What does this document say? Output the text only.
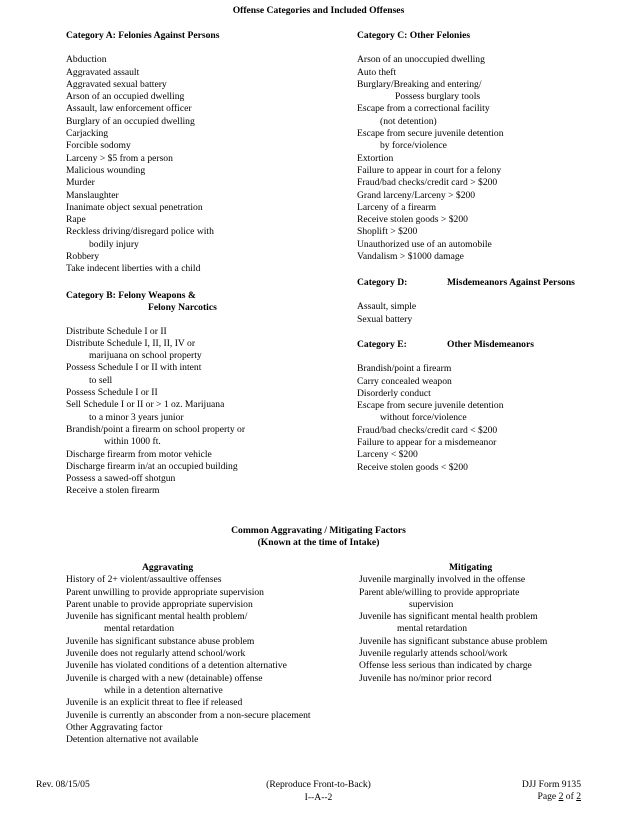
Offense Categories and Included Offenses
Category A: Felonies Against Persons
Abduction
Aggravated assault
Aggravated sexual battery
Arson of an occupied dwelling
Assault, law enforcement officer
Burglary of an occupied dwelling
Carjacking
Forcible sodomy
Larceny > $5 from a person
Malicious wounding
Murder
Manslaughter
Inanimate object sexual penetration
Rape
Reckless driving/disregard police with
bodily injury
Robbery
Take indecent liberties with a child
Category B: Felony Weapons &
Felony Narcotics
Distribute Schedule I or II
Distribute Schedule I, II, II, IV or
marijuana on school property
Possess Schedule I or II with intent
to sell
Possess Schedule I or II
Sell Schedule I or II or > 1 oz. Marijuana
to a minor 3 years junior
Brandish/point a firearm on school property or
within 1000 ft.
Discharge firearm from motor vehicle
Discharge firearm in/at an occupied building
Possess a sawed-off shotgun
Receive a stolen firearm
Category C: Other Felonies
Arson of an unoccupied dwelling
Auto theft
Burglary/Breaking and entering/
Possess burglary tools
Escape from a correctional facility
(not detention)
Escape from secure juvenile detention
by force/violence
Extortion
Failure to appear in court for a felony
Fraud/bad checks/credit card > $200
Grand larceny/Larceny > $200
Larceny of a firearm
Receive stolen goods > $200
Shoplift > $200
Unauthorized use of an automobile
Vandalism > $1000 damage
Category D:	Misdemeanors Against Persons
Assault, simple
Sexual battery
Category E:	Other Misdemeanors
Brandish/point a firearm
Carry concealed weapon
Disorderly conduct
Escape from secure juvenile detention
without force/violence
Fraud/bad checks/credit card < $200
Failure to appear for a misdemeanor
Larceny < $200
Receive stolen goods < $200
Common Aggravating / Mitigating Factors
(Known at the time of Intake)
Aggravating
History of 2+ violent/assaultive offenses
Parent unwilling to provide appropriate supervision
Parent unable to provide appropriate supervision
Juvenile has significant mental health problem/
mental retardation
Juvenile has significant substance abuse problem
Juvenile does not regularly attend school/work
Juvenile has violated conditions of a detention alternative
Juvenile is charged with a new (detainable) offense
while in a detention alternative
Juvenile is an explicit threat to flee if released
Juvenile is currently an absconder from a non-secure placement
Other Aggravating factor
Detention alternative not available
Mitigating
Juvenile marginally involved in the offense
Parent able/willing to provide appropriate
supervision
Juvenile has significant mental health problem
mental retardation
Juvenile has significant substance abuse problem
Juvenile regularly attends school/work
Offense less serious than indicated by charge
Juvenile has no/minor prior record
Rev. 08/15/05	(Reproduce Front-to-Back)
I--A--2
DJJ Form 9135
Page 2 of 2
